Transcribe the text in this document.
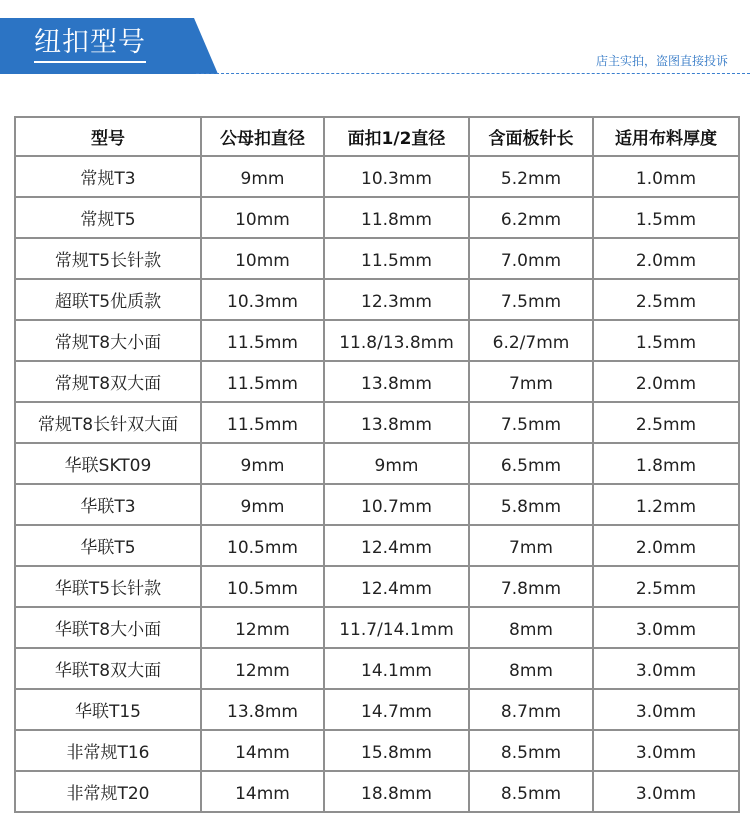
纽扣型号
店主实拍，盗图直接投诉
型号	公母扣直径	面扣1/2直径	含面板针长	适用布料厚度
常规T3	9mm	10.3mm	5.2mm	1.0mm
常规T5	10mm	11.8mm	6.2mm	1.5mm
常规T5长针款	10mm	11.5mm	7.0mm	2.0mm
超联T5优质款	10.3mm	12.3mm	7.5mm	2.5mm
常规T8大小面	11.5mm	11.8/13.8mm	6.2/7mm	1.5mm
常规T8双大面	11.5mm	13.8mm	7mm	2.0mm
常规T8长针双大面	11.5mm	13.8mm	7.5mm	2.5mm
华联SKT09	9mm	9mm	6.5mm	1.8mm
华联T3	9mm	10.7mm	5.8mm	1.2mm
华联T5	10.5mm	12.4mm	7mm	2.0mm
华联T5长针款	10.5mm	12.4mm	7.8mm	2.5mm
华联T8大小面	12mm	11.7/14.1mm	8mm	3.0mm
华联T8双大面	12mm	14.1mm	8mm	3.0mm
华联T15	13.8mm	14.7mm	8.7mm	3.0mm
非常规T16	14mm	15.8mm	8.5mm	3.0mm
非常规T20	14mm	18.8mm	8.5mm	3.0mm
